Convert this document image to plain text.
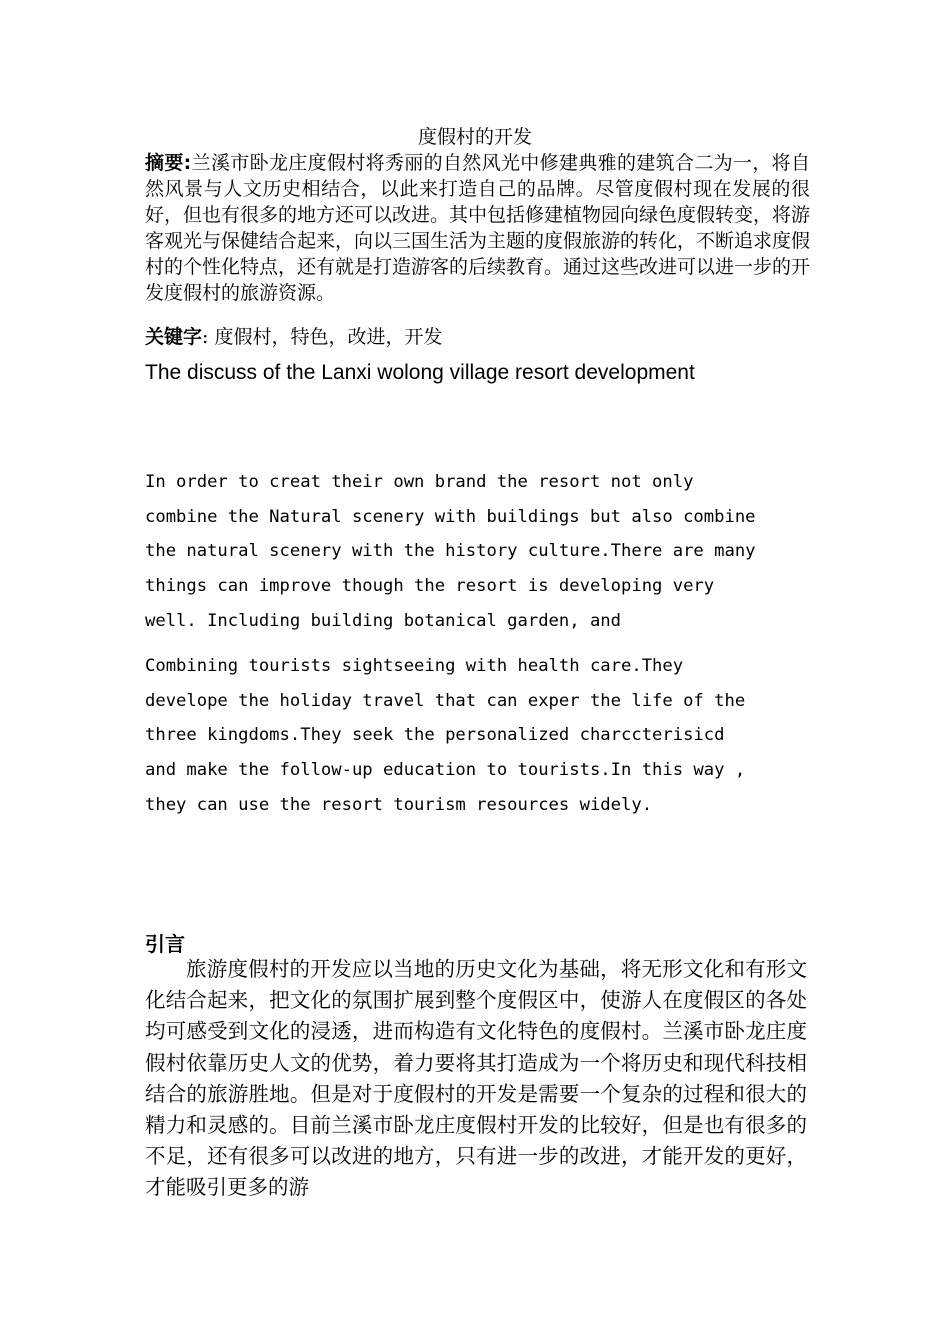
度假村的开发
摘要:兰溪市卧龙庄度假村将秀丽的自然风光中修建典雅的建筑合二为一，将自然风景与人文历史相结合，以此来打造自己的品牌。尽管度假村现在发展的很好，但也有很多的地方还可以改进。其中包括修建植物园向绿色度假转变，将游客观光与保健结合起来，向以三国生活为主题的度假旅游的转化，不断追求度假村的个性化特点，还有就是打造游客的后续教育。通过这些改进可以进一步的开发度假村的旅游资源。
关键字: 度假村，特色，改进，开发
The discuss of the Lanxi wolong village resort development
In order to creat their own brand the resort not only
combine the Natural scenery with buildings but also combine
the natural scenery with the history culture.There are many
things can improve though the resort is developing very
well. Including building botanical garden, and
Combining tourists sightseeing with health care.They
develope the holiday travel that can exper the life of the
three kingdoms.They seek the personalized charccterisicd
and make the follow-up education to tourists.In this way ,
they can use the resort tourism resources widely.
引言
旅游度假村的开发应以当地的历史文化为基础，将无形文化和有形文化结合起来，把文化的氛围扩展到整个度假区中，使游人在度假区的各处均可感受到文化的浸透，进而构造有文化特色的度假村。兰溪市卧龙庄度假村依靠历史人文的优势，着力要将其打造成为一个将历史和现代科技相结合的旅游胜地。但是对于度假村的开发是需要一个复杂的过程和很大的精力和灵感的。目前兰溪市卧龙庄度假村开发的比较好，但是也有很多的不足，还有很多可以改进的地方，只有进一步的改进，才能开发的更好，才能吸引更多的游
